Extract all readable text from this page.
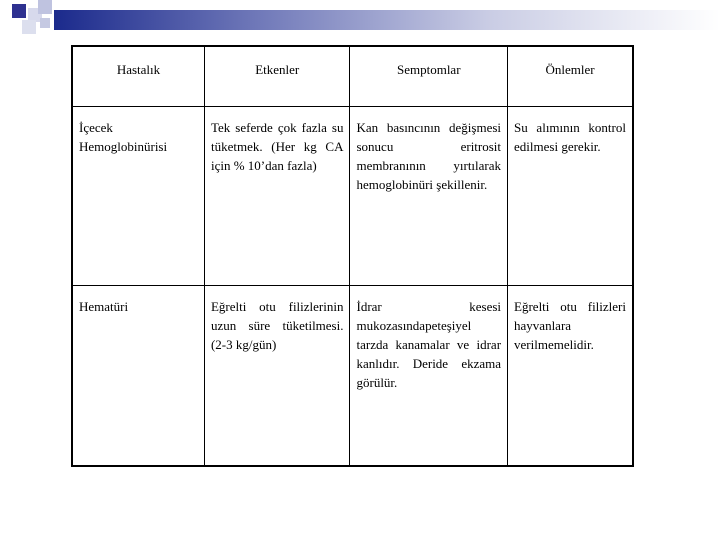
Hastalık	Etkenler	Semptomlar	Önlemler
İçecek Hemoglobinürisi	Tek seferde çok fazla su tüketmek. (Her kg CA için % 10’dan fazla)	Kan basıncının değişmesi sonucu eritrosit membranının yırtılarak hemoglobinüri şekillenir.	Su alımının kontrol edilmesi gerekir.
Hematüri	Eğrelti otu filizlerinin uzun süre tüketilmesi. (2-3 kg/gün)	İdrar kesesi mukozasındapeteşiyel tarzda kanamalar ve idrar kanlıdır. Deride ekzama görülür.	Eğrelti otu filizleri hayvanlara verilmemelidir.
